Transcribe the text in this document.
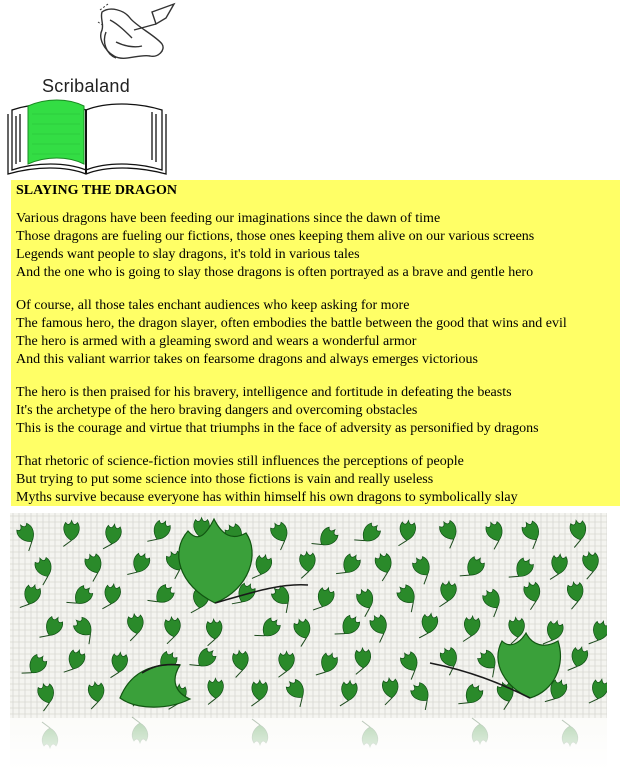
Scribaland
SLAYING THE DRAGON
Various dragons have been feeding our imaginations since the dawn of time
Those dragons are fueling our fictions, those ones keeping them alive on our various screens
Legends want people to slay dragons, it's told in various tales
And the one who is going to slay those dragons is often portrayed as a brave and gentle hero
Of course, all those tales enchant audiences who keep asking for more
The famous hero, the dragon slayer, often embodies the battle between the good that wins and evil
The hero is armed with a gleaming sword and wears a wonderful armor
And this valiant warrior takes on fearsome dragons and always emerges victorious
The hero is then praised for his bravery, intelligence and fortitude in defeating the beasts
It's the archetype of the hero braving dangers and overcoming obstacles
This is the courage and virtue that triumphs in the face of adversity as personified by dragons
That rhetoric of science-fiction movies still influences the perceptions of people
But trying to put some science into those fictions is vain and really useless
Myths survive because everyone has within himself his own dragons to symbolically slay
